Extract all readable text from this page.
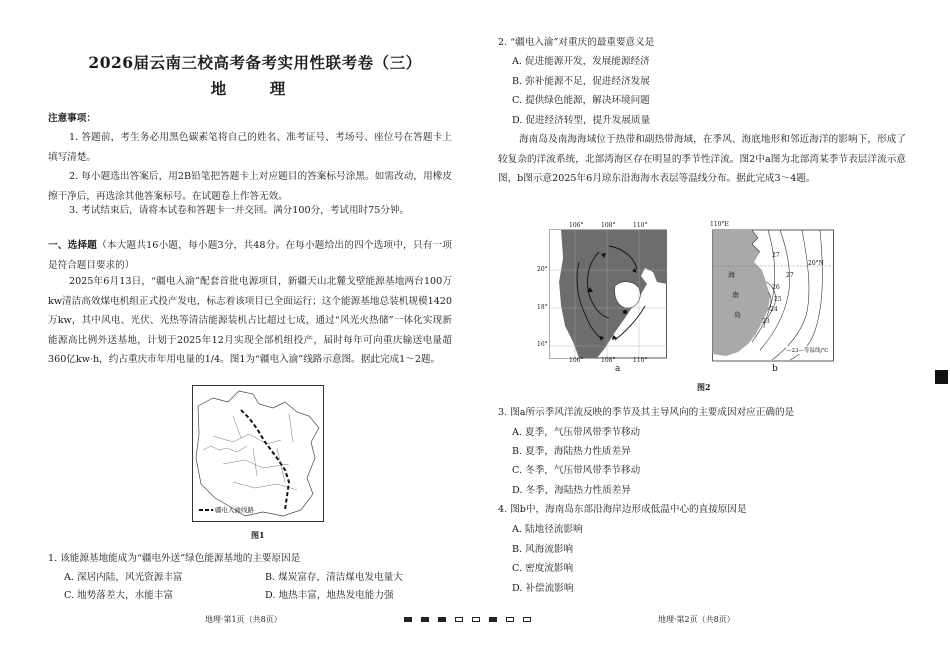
2026届云南三校高考备考实用性联考卷（三）
地　理
注意事项：
1. 答题前，考生务必用黑色碳素笔将自己的姓名、准考证号、考场号、座位号在答题卡上填写清楚。
2. 每小题选出答案后，用2B铅笔把答题卡上对应题目的答案标号涂黑。如需改动，用橡皮擦干净后，再选涂其他答案标号。在试题卷上作答无效。
3. 考试结束后，请将本试卷和答题卡一并交回。满分100分，考试用时75分钟。
一、选择题（本大题共16小题，每小题3分，共48分。在每小题给出的四个选项中，只有一项是符合题目要求的）
2025年6月13日，“疆电入渝”配套首批电源项目，新疆天山北麓戈壁能源基地两台100万kw清洁高效煤电机组正式投产发电，标志着该项目已全面运行；这个能源基地总装机规模1420万kw，其中风电、光伏、光热等清洁能源装机占比超过七成，通过“风光火热储”一体化实现新能源高比例外送基地，计划于2025年12月实现全部机组投产，届时每年可向重庆输送电量超360亿kw·h，约占重庆市年用电量的1/4。图1为“疆电入渝”线路示意图。据此完成1～2题。
疆电入渝线路
图1
1. 该能源基地能成为“疆电外送”绿色能源基地的主要原因是
A. 深居内陆，风光资源丰富	B. 煤炭富存，清洁煤电发电量大
C. 地势落差大，水能丰富	D. 地热丰富，地热发电能力强
地理·第1页（共8页）
2. “疆电入渝”对重庆的最重要意义是
A. 促进能源开发，发展能源经济
B. 弥补能源不足，促进经济发展
C. 提供绿色能源，解决环境问题
D. 促进经济转型，提升发展质量
海南岛及南海海域位于热带和副热带海域，在季风、海底地形和邻近海洋的影响下，形成了较复杂的洋流系统，北部湾海区存在明显的季节性洋流。图2中a图为北部湾某季节表层洋流示意图，b图示意2025年6月琼东沿海海水表层等温线分布。据此完成3～4题。
106°	108°	110°
20°
18°
16°
106°	108°	110°
a
110°E
20°N
海
南
岛
27
27
26
25
24
23
—23—等温线/℃
b
图2
3. 图a所示季风洋流反映的季节及其主导风向的主要成因对应正确的是
A. 夏季，气压带风带季节移动
B. 夏季，海陆热力性质差异
C. 冬季，气压带风带季节移动
D. 冬季，海陆热力性质差异
4. 图b中，海南岛东部沿海岸边形成低温中心的直接原因是
A. 陆地径流影响
B. 风海流影响
C. 密度流影响
D. 补偿流影响
地理·第2页（共8页）
